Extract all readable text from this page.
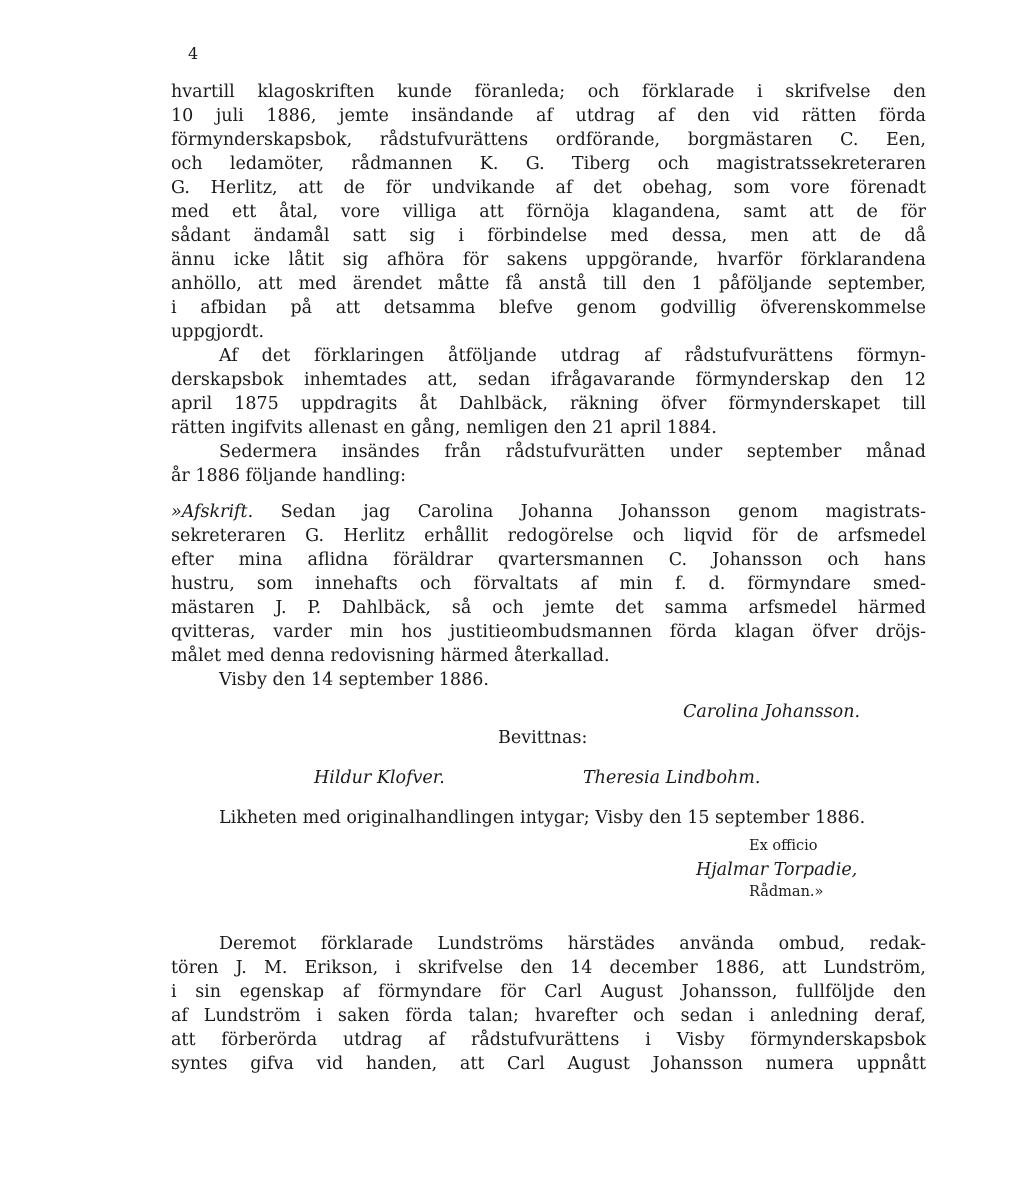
4
hvartill klagoskriften kunde föranleda; och förklarade i skrifvelse den
10 juli 1886, jemte insändande af utdrag af den vid rätten förda
förmynderskapsbok, rådstufvurättens ordförande, borgmästaren C. Een,
och ledamöter, rådmannen K. G. Tiberg och magistratssekreteraren
G. Herlitz, att de för undvikande af det obehag, som vore förenadt
med ett åtal, vore villiga att förnöja klagandena, samt att de för
sådant ändamål satt sig i förbindelse med dessa, men att de då
ännu icke låtit sig afhöra för sakens uppgörande, hvarför förklarandena
anhöllo, att med ärendet måtte få anstå till den 1 påföljande september,
i afbidan på att detsamma blefve genom godvillig öfverenskommelse
uppgjordt.
Af det förklaringen åtföljande utdrag af rådstufvurättens förmyn-
derskapsbok inhemtades att, sedan ifrågavarande förmynderskap den 12
april 1875 uppdragits åt Dahlbäck, räkning öfver förmynderskapet till
rätten ingifvits allenast en gång, nemligen den 21 april 1884.
Sedermera insändes från rådstufvurätten under september månad
år 1886 följande handling:
»Afskrift. Sedan jag Carolina Johanna Johansson genom magistrats-
sekreteraren G. Herlitz erhållit redogörelse och liqvid för de arfsmedel
efter mina aflidna föräldrar qvartersmannen C. Johansson och hans
hustru, som innehafts och förvaltats af min f. d. förmyndare smed-
mästaren J. P. Dahlbäck, så och jemte det samma arfsmedel härmed
qvitteras, varder min hos justitieombudsmannen förda klagan öfver dröjs-
målet med denna redovisning härmed återkallad.
Visby den 14 september 1886.
Carolina Johansson.
Bevittnas:
Hildur Klofver.	Theresia Lindbohm.
Likheten med originalhandlingen intygar; Visby den 15 september 1886.
Ex officio
Hjalmar Torpadie,
Rådman.»
Deremot förklarade Lundströms härstädes använda ombud, redak-
tören J. M. Erikson, i skrifvelse den 14 december 1886, att Lundström,
i sin egenskap af förmyndare för Carl August Johansson, fullföljde den
af Lundström i saken förda talan; hvarefter och sedan i anledning deraf,
att förberörda utdrag af rådstufvurättens i Visby förmynderskapsbok
syntes gifva vid handen, att Carl August Johansson numera uppnått
